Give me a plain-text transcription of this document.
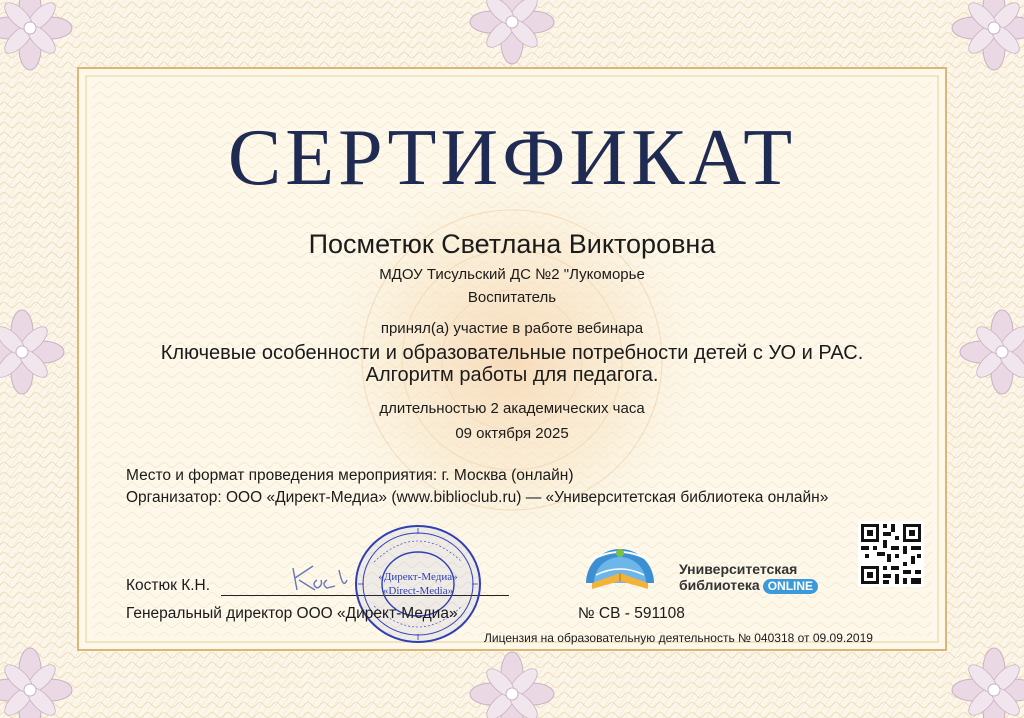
СЕРТИФИКАТ
Посметюк Светлана Викторовна
МДОУ Тисульский ДС №2 "Лукоморье
Воспитатель
принял(а) участие в работе вебинара
Ключевые особенности и образовательные потребности детей с УО и РАС. Алгоритм работы для педагога.
длительностью 2 академических часа
09 октября 2025
Место и формат проведения мероприятия: г. Москва (онлайн)
Организатор: ООО «Директ-Медиа» (www.biblioclub.ru) — «Университетская библиотека онлайн»
Костюк К.Н.	«Директ-Медиа»
«Direct-Media»
Генеральный директор ООО «Директ-Медиа»	№ СВ - 591108
Лицензия на образовательную деятельность № 040318 от 09.09.2019
Университетская
библиотека ONLINE
